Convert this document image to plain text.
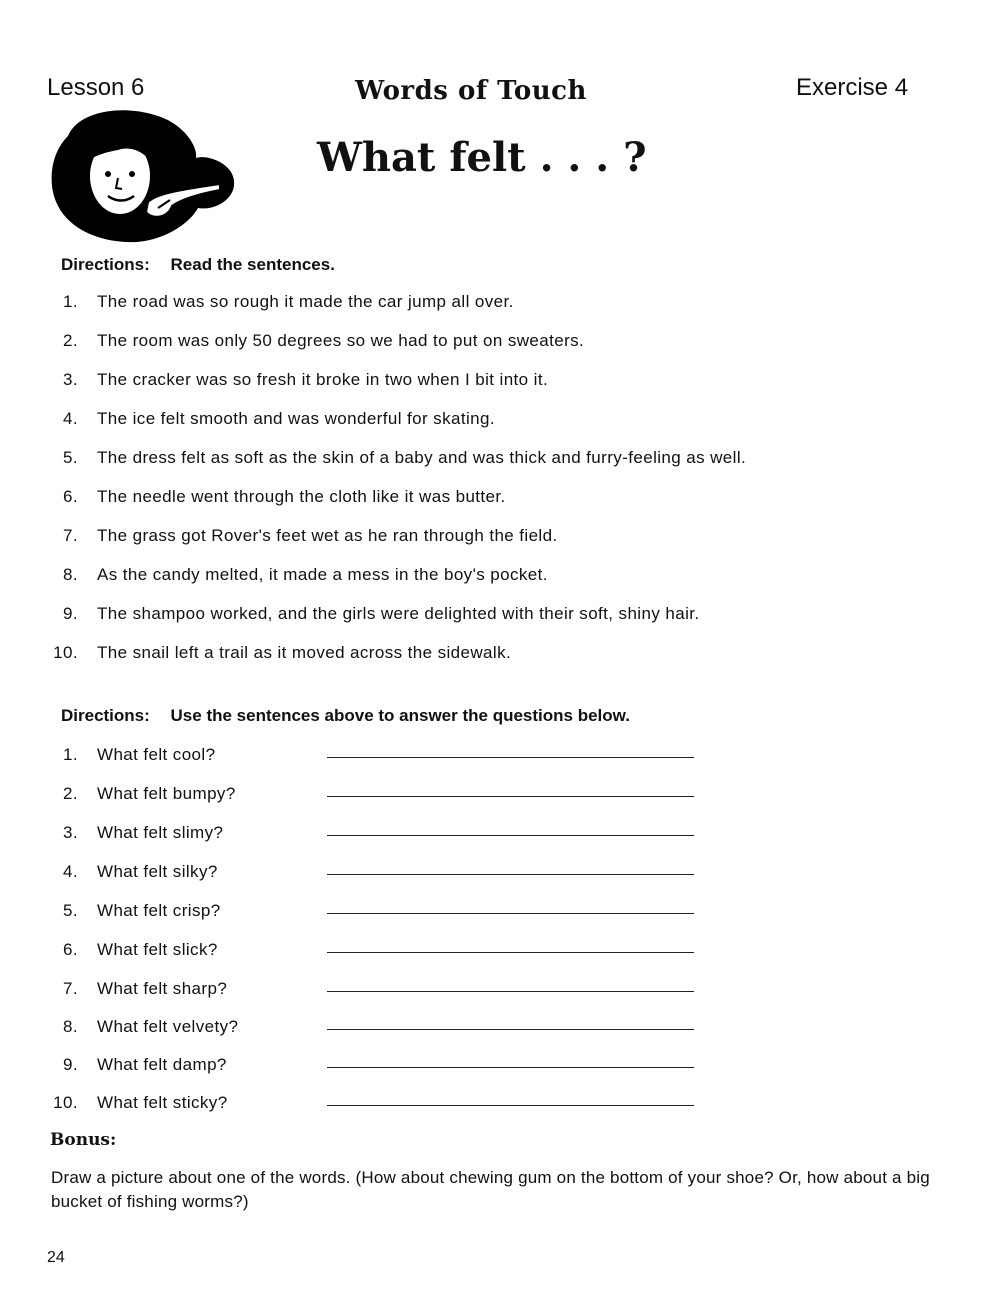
Lesson 6	Words of Touch	Exercise 4
What felt . . . ?
Directions: Read the sentences.
1. The road was so rough it made the car jump all over.
2. The room was only 50 degrees so we had to put on sweaters.
3. The cracker was so fresh it broke in two when I bit into it.
4. The ice felt smooth and was wonderful for skating.
5. The dress felt as soft as the skin of a baby and was thick and furry-feeling as well.
6. The needle went through the cloth like it was butter.
7. The grass got Rover's feet wet as he ran through the field.
8. As the candy melted, it made a mess in the boy's pocket.
9. The shampoo worked, and the girls were delighted with their soft, shiny hair.
10. The snail left a trail as it moved across the sidewalk.
Directions: Use the sentences above to answer the questions below.
1. What felt cool?
2. What felt bumpy?
3. What felt slimy?
4. What felt silky?
5. What felt crisp?
6. What felt slick?
7. What felt sharp?
8. What felt velvety?
9. What felt damp?
10. What felt sticky?
Bonus:
Draw a picture about one of the words. (How about chewing gum on the bottom of your shoe? Or, how about a big bucket of fishing worms?)
24
